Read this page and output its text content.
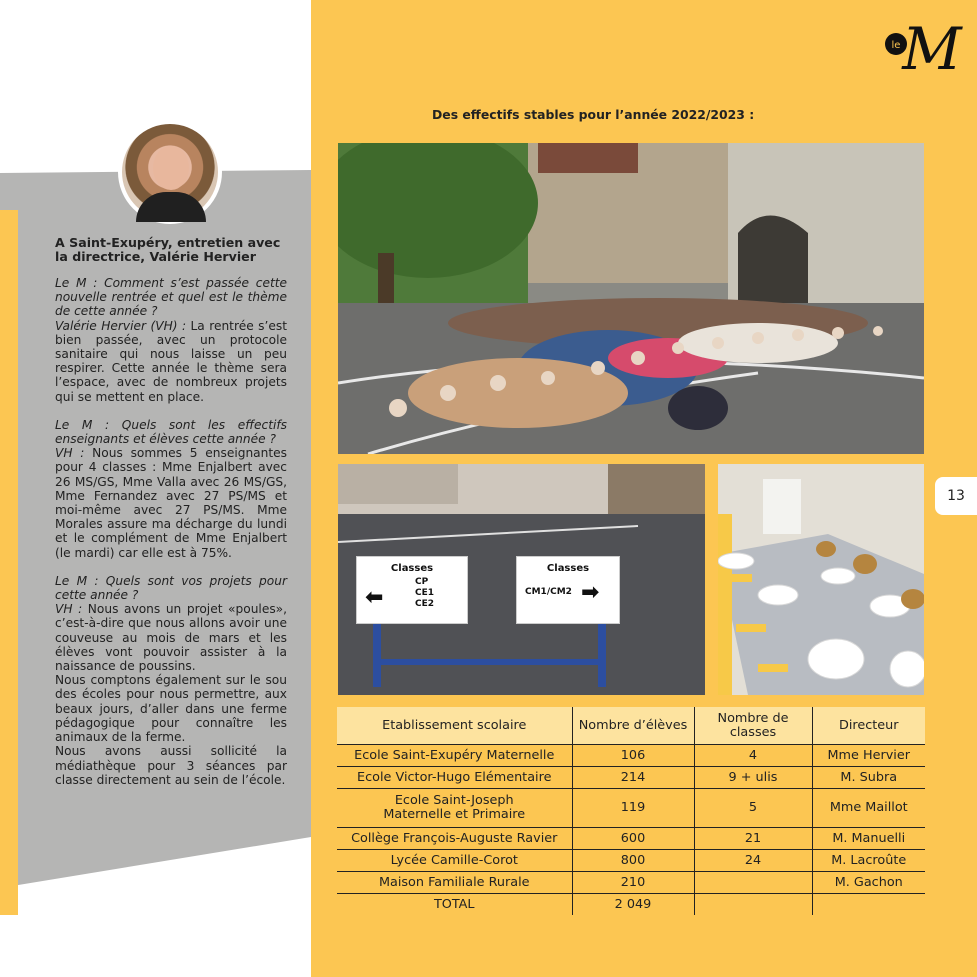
A Saint-Exupéry, entretien avec la directrice, Valérie Hervier

Le M : Comment s’est passée cette nouvelle rentrée et quel est le thème de cette année ?
Valérie Hervier (VH) : La rentrée s’est bien passée, avec un protocole sanitaire qui nous laisse un peu respirer. Cette année le thème sera l’espace, avec de nombreux projets qui se mettent en place.

Le M : Quels sont les effectifs enseignants et élèves cette année ?
VH : Nous sommes 5 enseignantes pour 4 classes : Mme Enjalbert avec 26 MS/GS, Mme Valla avec 26 MS/GS, Mme Fernandez avec 27 PS/MS et moi-même avec 27 PS/MS. Mme Morales assure ma décharge du lundi et le complément de Mme Enjalbert (le mardi) car elle est à 75%.

Le M : Quels sont vos projets pour cette année ?
VH : Nous avons un projet «poules», c’est-à-dire que nous allons avoir une couveuse au mois de mars et les élèves vont pouvoir assister à la naissance de poussins.

Nous comptons également sur le sou des écoles pour nous permettre, aux beaux jours, d’aller dans une ferme pédagogique pour connaître les animaux de la ferme.

Nous avons aussi sollicité la médiathèque pour 3 séances par classe directement au sein de l’école.

le M
13
Des effectifs stables pour l’année 2022/2023 :
Classes
⬅
CP
CE1
CE2
Classes
CM1/CM2 ➡
Etablissement scolaire	Nombre d’élèves	Nombre de classes	Directeur
Ecole Saint-Exupéry Maternelle	106	4	Mme Hervier
Ecole Victor-Hugo Elémentaire	214	9 + ulis	M. Subra
Ecole Saint-Joseph Maternelle et Primaire	119	5	Mme Maillot
Collège François-Auguste Ravier	600	21	M. Manuelli
Lycée Camille-Corot	800	24	M. Lacroûte
Maison Familiale Rurale	210		M. Gachon
TOTAL	2 049		
